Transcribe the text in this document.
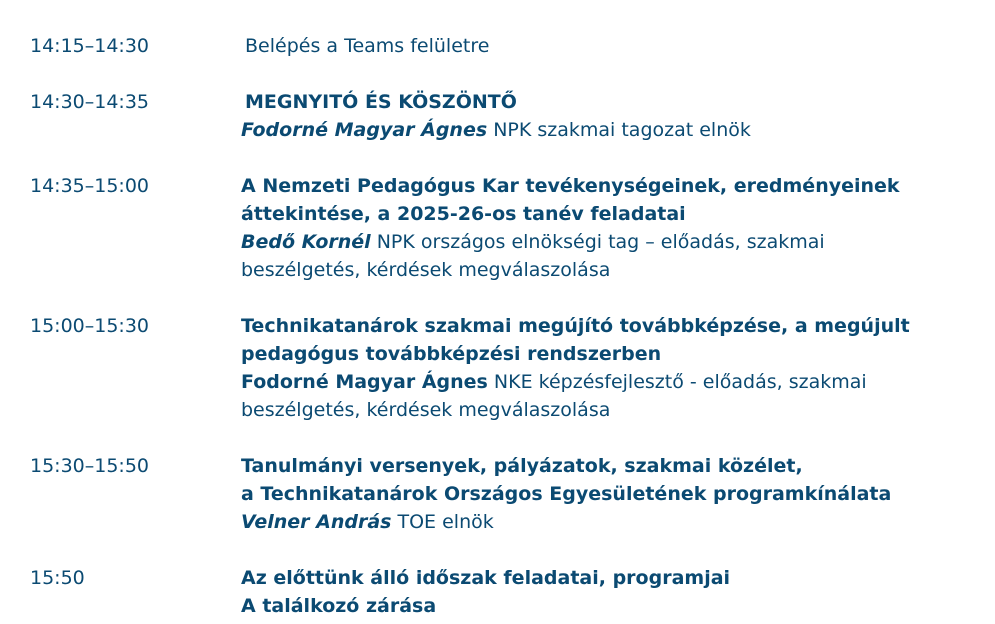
14:15–14:30	Belépés a Teams felületre
14:30–14:35	MEGNYITÓ ÉS KÖSZÖNTŐ
Fodorné Magyar Ágnes NPK szakmai tagozat elnök
14:35–15:00	A Nemzeti Pedagógus Kar tevékenységeinek, eredményeinek
áttekintése, a 2025-26-os tanév feladatai
Bedő Kornél NPK országos elnökségi tag – előadás, szakmai
beszélgetés, kérdések megválaszolása
15:00–15:30	Technikatanárok szakmai megújító továbbképzése, a megújult
pedagógus továbbképzési rendszerben
Fodorné Magyar Ágnes NKE képzésfejlesztő - előadás, szakmai
beszélgetés, kérdések megválaszolása
15:30–15:50	Tanulmányi versenyek, pályázatok, szakmai közélet,
a Technikatanárok Országos Egyesületének programkínálata
Velner András TOE elnök
15:50	Az előttünk álló időszak feladatai, programjai
A találkozó zárása
